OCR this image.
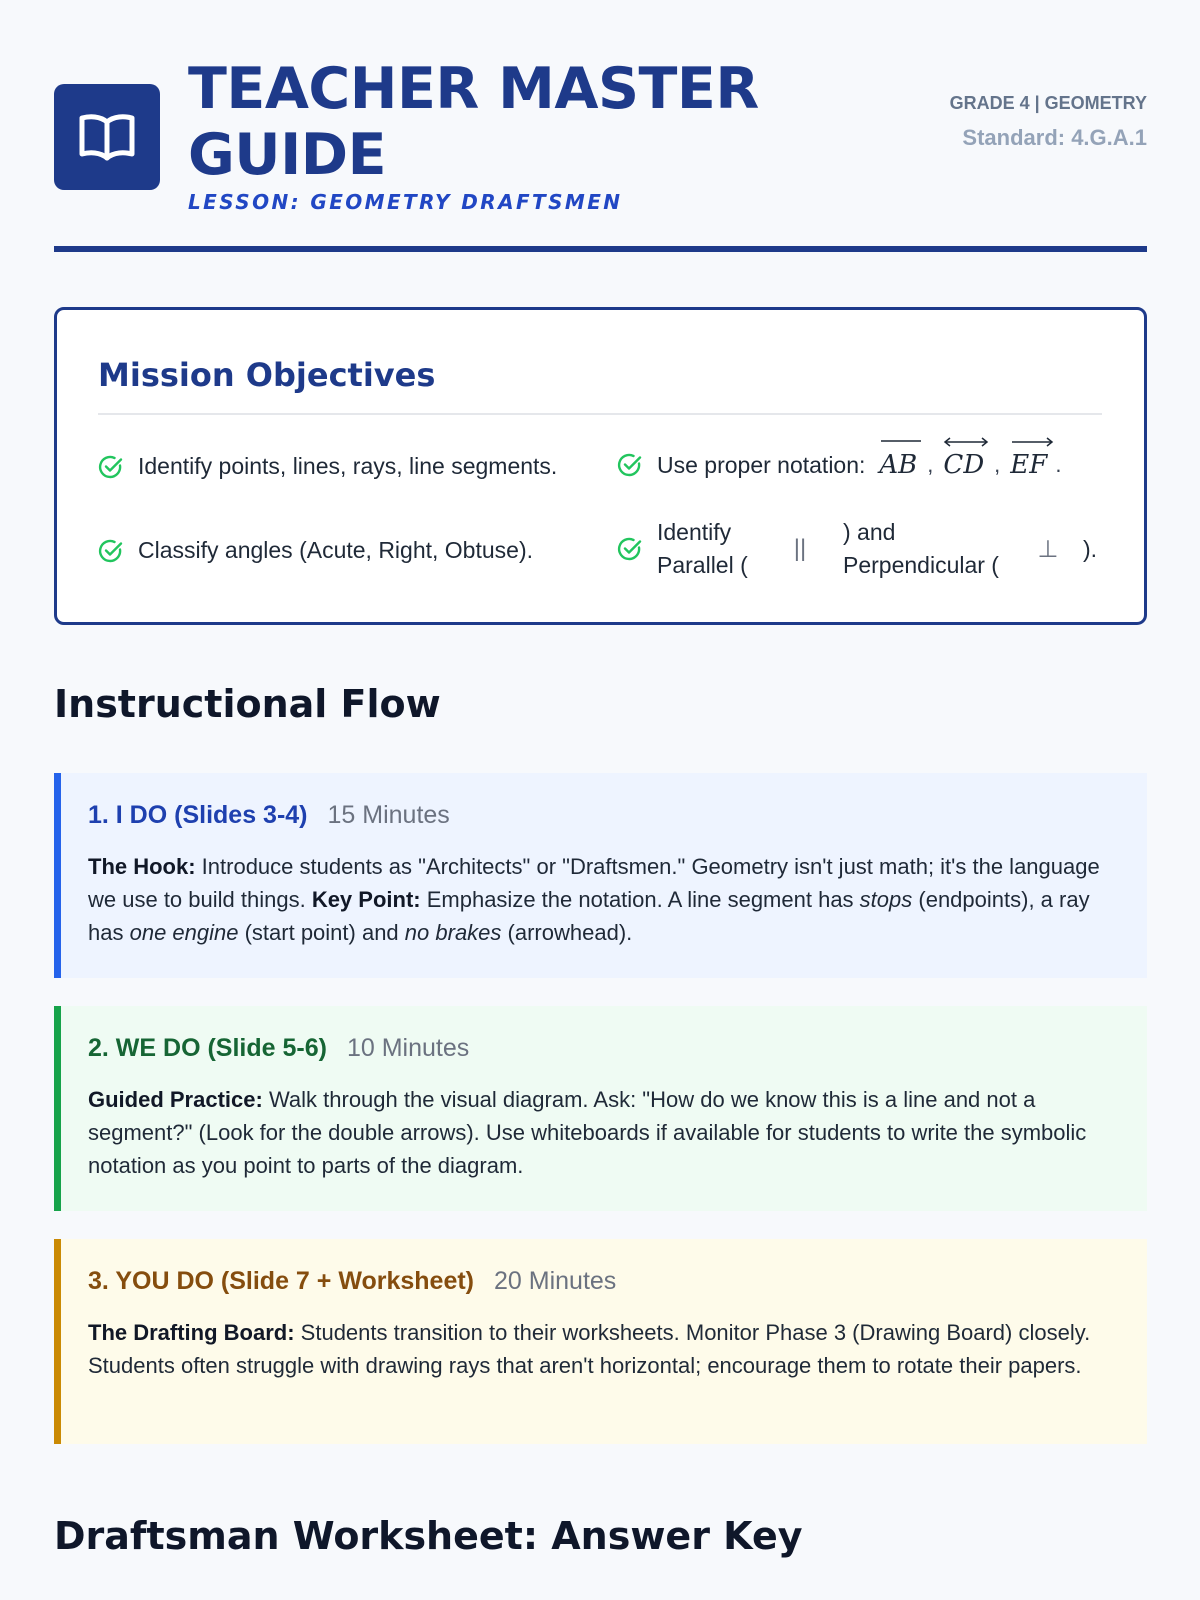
TEACHER MASTER GUIDE
LESSON: GEOMETRY DRAFTSMEN
GRADE 4 | GEOMETRY
Standard: 4.G.A.1
Mission Objectives
Identify points, lines, rays, line segments.	Use proper notation: AB , CD , EF .
Classify angles (Acute, Right, Obtuse).
Identify Parallel (
||
) and Perpendicular (
⊥	).
Instructional Flow
1. I DO (Slides 3-4) 15 Minutes
The Hook: Introduce students as "Architects" or "Draftsmen." Geometry isn't just math; it's the language we use to build things. Key Point: Emphasize the notation. A line segment has stops (endpoints), a ray has one engine (start point) and no brakes (arrowhead).
2. WE DO (Slide 5-6) 10 Minutes
Guided Practice: Walk through the visual diagram. Ask: "How do we know this is a line and not a segment?" (Look for the double arrows). Use whiteboards if available for students to write the symbolic notation as you point to parts of the diagram.
3. YOU DO (Slide 7 + Worksheet) 20 Minutes
The Drafting Board: Students transition to their worksheets. Monitor Phase 3 (Drawing Board) closely. Students often struggle with drawing rays that aren't horizontal; encourage them to rotate their papers.
Draftsman Worksheet: Answer Key
